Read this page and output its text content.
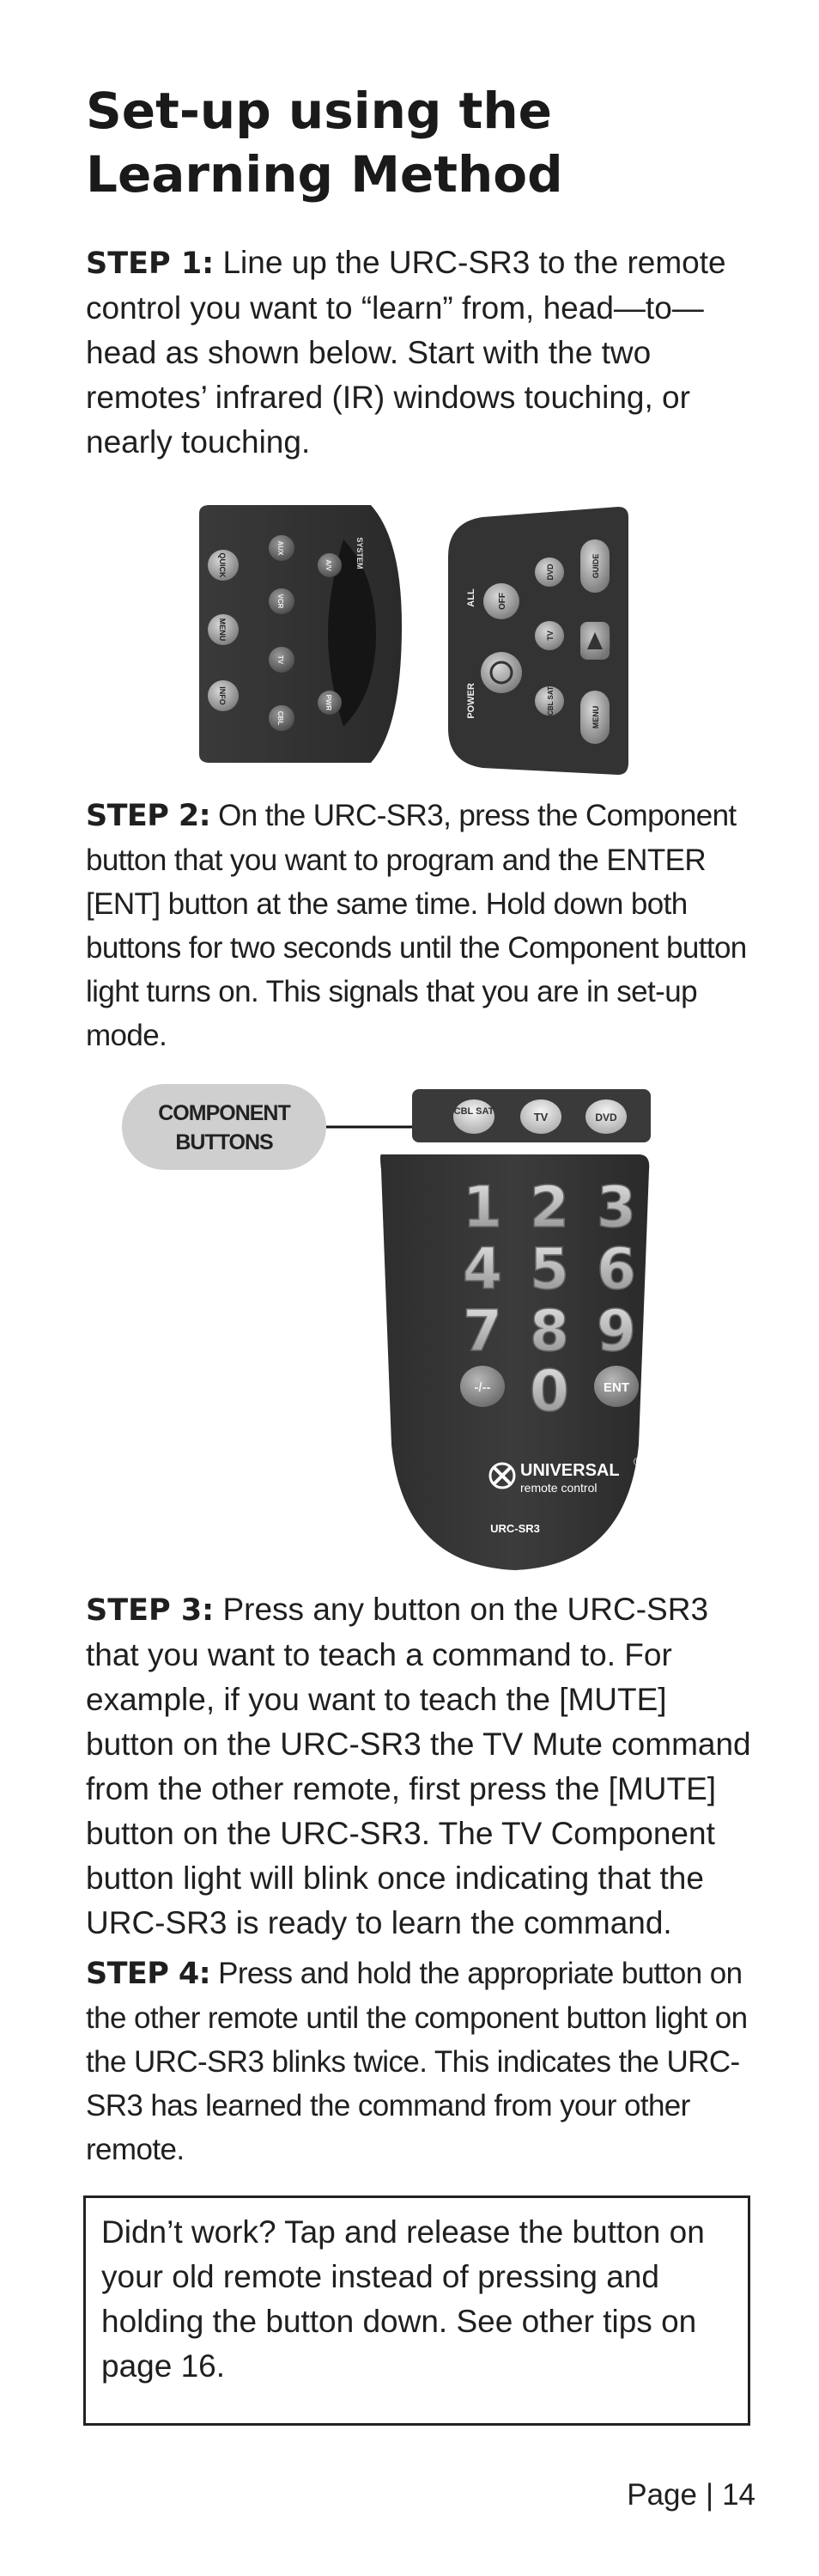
Set-up using the
Learning Method

STEP 1: Line up the URC-SR3 to the remote control you want to “learn” from, head—to—head as shown below. Start with the two remotes’ infrared (IR) windows touching, or nearly touching.

QUICK
MENU
INFO
AUX
VCR
TV
CBL
A/V
PWR
SYSTEM
POWER
ALL	OFF
DVD
TV
CBL SAT
GUIDE
MENU

STEP 2: On the URC-SR3, press the Component button that you want to program and the ENTER [ENT] button at the same time. Hold down both buttons for two seconds until the Component button light turns on. This signals that you are in set-up mode.

COMPONENT
BUTTONS
CBL SAT	TV	DVD
1 2 3
4 5 6
7 8 9
-/-- 0	ENT
UNIVERSAL ®
remote control
URC-SR3

STEP 3: Press any button on the URC-SR3 that you want to teach a command to. For example, if you want to teach the [MUTE] button on the URC-SR3 the TV Mute command from the other remote, first press the [MUTE] button on the URC-SR3. The TV Component button light will blink once indicating that the URC-SR3 is ready to learn the command.

STEP 4: Press and hold the appropriate button on the other remote until the component button light on the URC-SR3 blinks twice. This indicates the URC-SR3 has learned the command from your other remote.

Didn’t work? Tap and release the button on your old remote instead of pressing and holding the button down. See other tips on page 16.
Page | 14
